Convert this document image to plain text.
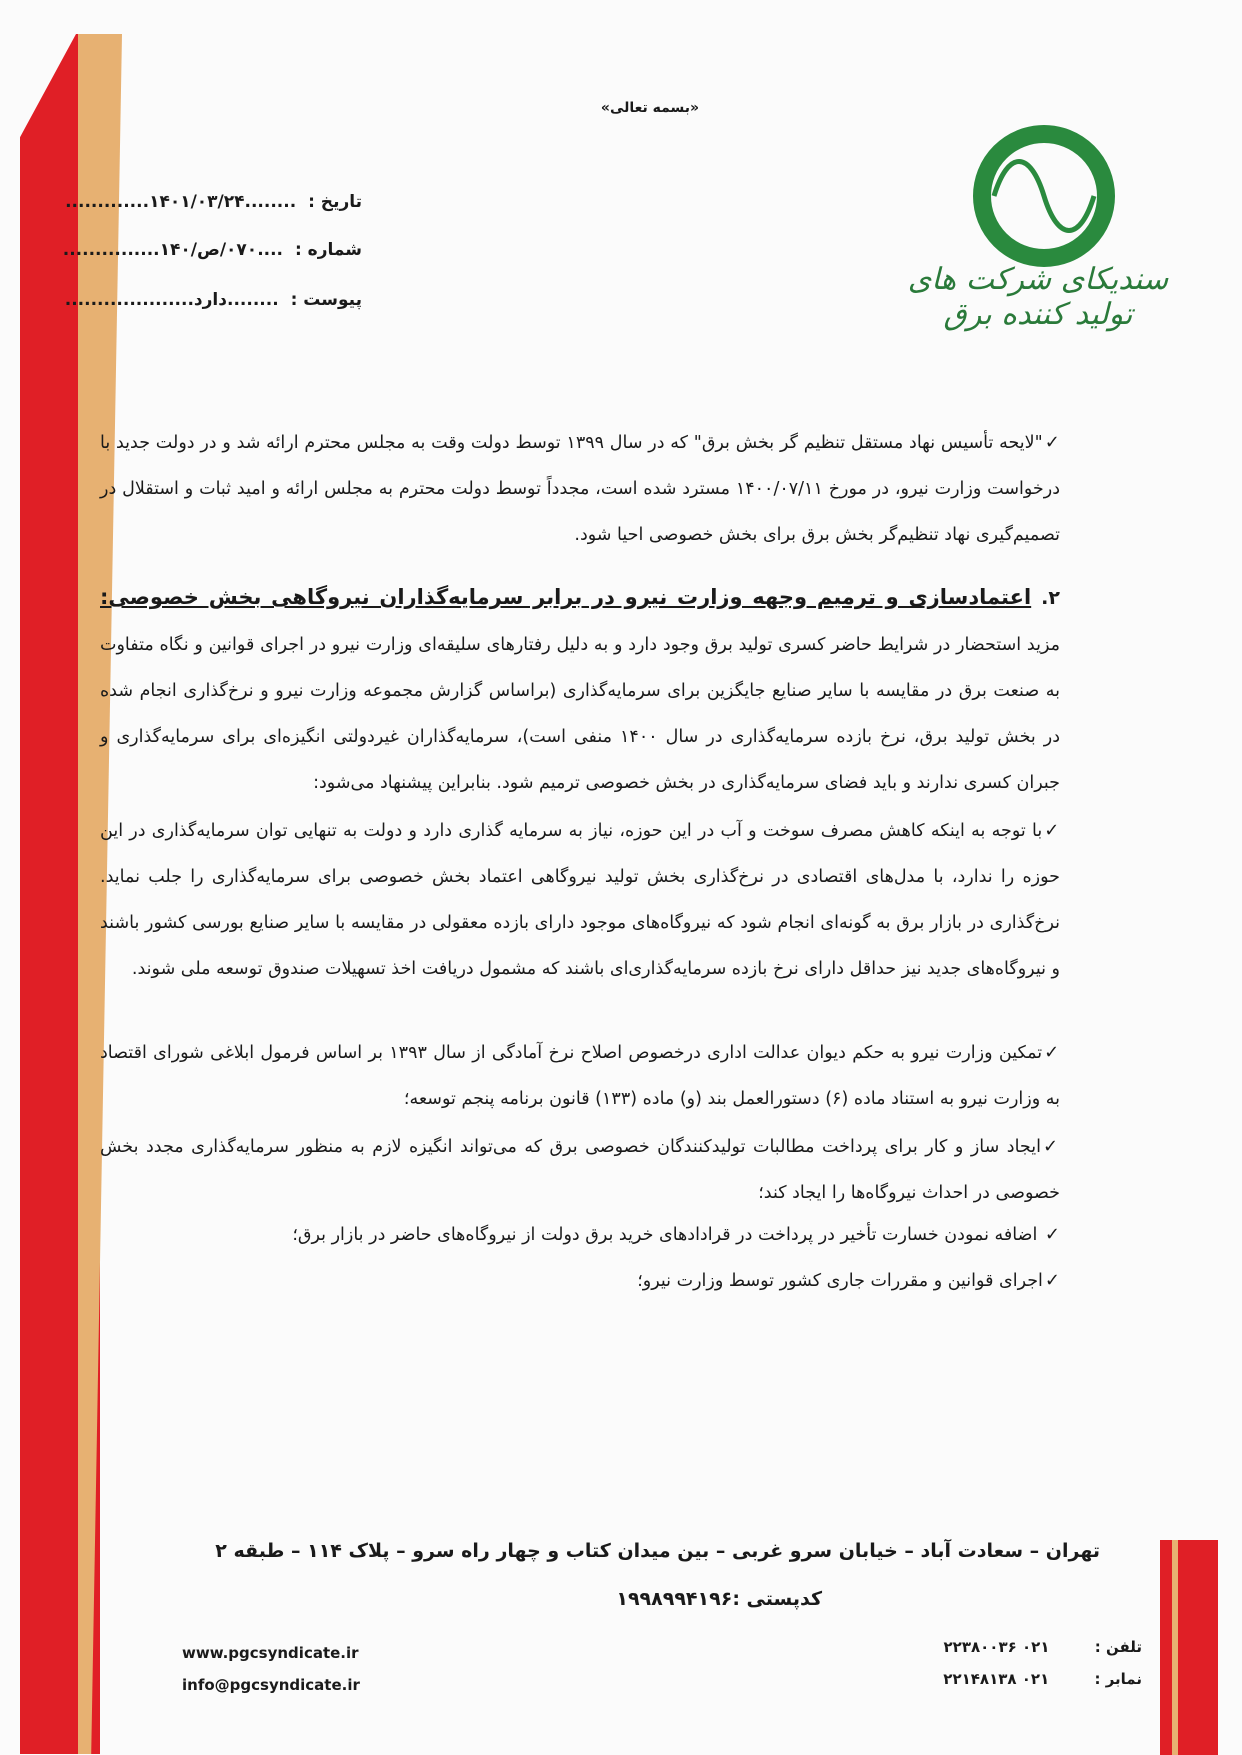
«بسمه تعالی»
سندیکای شرکت های تولید کننده برق
تاریخ : ........۱۴۰۱/۰۳/۲۴.............
شماره : ....۰۷۰/ص/۱۴۰...............
پیوست : ........دارد....................
✓"لایحه تأسیس نهاد مستقل تنظیم گر بخش برق" که در سال ۱۳۹۹ توسط دولت وقت به مجلس محترم ارائه شد و در دولت جدید با درخواست وزارت نیرو، در مورخ ۱۴۰۰/۰۷/۱۱ مسترد شده است، مجدداً توسط دولت محترم به مجلس ارائه و امید ثبات و استقلال در تصمیم‌گیری نهاد تنظیم‌گر بخش برق برای بخش خصوصی احیا شود.
۲.اعتمادسازی و ترمیم وجهه وزارت نیرو در برابر سرمایه‌گذاران نیروگاهی بخش خصوصی: مزید استحضار در شرایط حاضر کسری تولید برق وجود دارد و به دلیل رفتارهای سلیقه‌ای وزارت نیرو در اجرای قوانین و نگاه متفاوت به صنعت برق در مقایسه با سایر صنایع جایگزین برای سرمایه‌گذاری (براساس گزارش مجموعه وزارت نیرو و نرخ‌گذاری انجام شده در بخش تولید برق، نرخ بازده سرمایه‌گذاری در سال ۱۴۰۰ منفی است)، سرمایه‌گذاران غیردولتی انگیزه‌ای برای سرمایه‌گذاری و جبران کسری ندارند و باید فضای سرمایه‌گذاری در بخش خصوصی ترمیم شود. بنابراین پیشنهاد می‌شود:
✓با توجه به اینکه کاهش مصرف سوخت و آب در این حوزه، نیاز به سرمایه گذاری دارد و دولت به تنهایی توان سرمایه‌گذاری در این حوزه را ندارد، با مدل‌های اقتصادی در نرخ‌گذاری بخش تولید نیروگاهی اعتماد بخش خصوصی برای سرمایه‌گذاری را جلب نماید. نرخ‌گذاری در بازار برق به گونه‌ای انجام شود که نیروگاه‌های موجود دارای بازده معقولی در مقایسه با سایر صنایع بورسی کشور باشند و نیروگاه‌های جدید نیز حداقل دارای نرخ بازده سرمایه‌گذاری‌ای باشند که مشمول دریافت اخذ تسهیلات صندوق توسعه ملی شوند.
✓تمکین وزارت نیرو به حکم دیوان عدالت اداری درخصوص اصلاح نرخ آمادگی از سال ۱۳۹۳ بر اساس فرمول ابلاغی شورای اقتصاد به وزارت نیرو به استناد ماده (۶) دستورالعمل بند (و) ماده (۱۳۳) قانون برنامه پنجم توسعه؛
✓ایجاد ساز و کار برای پرداخت مطالبات تولیدکنندگان خصوصی برق که می‌تواند انگیزه لازم به منظور سرمایه‌گذاری مجدد بخش خصوصی در احداث نیروگاه‌ها را ایجاد کند؛
✓ اضافه نمودن خسارت تأخیر در پرداخت در قرادادهای خرید برق دولت از نیروگاه‌های حاضر در بازار برق؛
✓اجرای قوانین و مقررات جاری کشور توسط وزارت نیرو؛
تهران – سعادت آباد – خیابان سرو غربی – بین میدان کتاب و چهار راه سرو – پلاک ۱۱۴ – طبقه ۲
کدپستی :۱۹۹۸۹۹۴۱۹۶
تلفن : ۰۲۱ ۲۲۳۸۰۰۳۶
نمابر : ۰۲۱ ۲۲۱۴۸۱۳۸
www.pgcsyndicate.ir
info@pgcsyndicate.ir
